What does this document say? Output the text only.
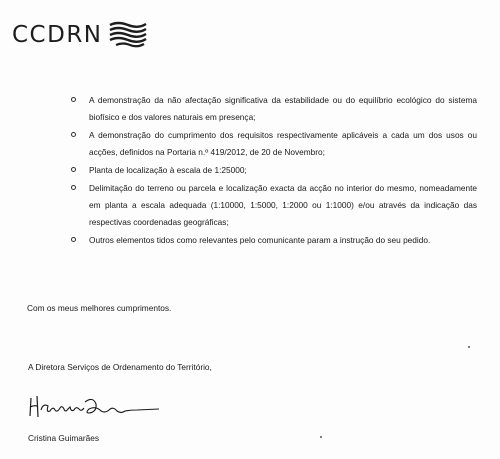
CCDRN
A demonstração da não afectação significativa da estabilidade ou do equilíbrio ecológico do sistema biofísico e dos valores naturais em presença;
A demonstração do cumprimento dos requisitos respectivamente aplicáveis a cada um dos usos ou acções, definidos na Portaria n.º 419/2012, de 20 de Novembro;
Planta de localização à escala de 1:25000;
Delimitação do terreno ou parcela e localização exacta da acção no interior do mesmo, nomeadamente em planta a escala adequada (1:10000, 1:5000, 1:2000 ou 1:1000) e/ou através da indicação das respectivas coordenadas geográficas;
Outros elementos tidos como relevantes pelo comunicante param a instrução do seu pedido.
Com os meus melhores cumprimentos.
A Diretora Serviços de Ordenamento do Território,
Cristina Guimarães
